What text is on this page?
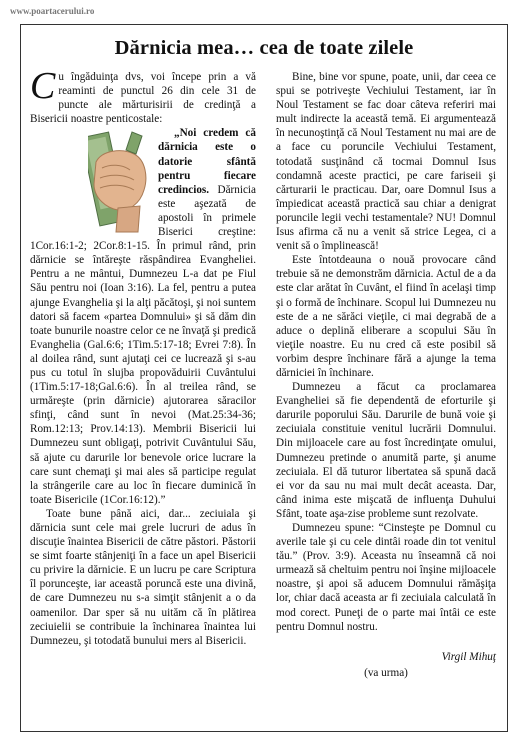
www.poartacerului.ro
Dărnicia mea… cea de toate zilele

Cu îngăduinţa dvs, voi începe prin a vă reaminti de punctul 26 din cele 31 de puncte ale mărturisirii de credinţă a Bisericii noastre penticostale:

„Noi credem că dărnicia este o datorie sfântă pentru fiecare credincios. Dărnicia este aşezată de apostoli în primele Biserici creştine: 1Cor.16:1-2; 2Cor.8:1-15. În primul rând, prin dărnicie se întăreşte răspândirea Evangheliei. Pentru a ne mântui, Dumnezeu L-a dat pe Fiul Său pentru noi (Ioan 3:16). La fel, pentru a putea ajunge Evanghelia şi la alţi păcătoşi, şi noi suntem datori să facem «partea Domnului» şi să dăm din toate bunurile noastre celor ce ne învaţă şi predică Evanghelia (Gal.6:6; 1Tim.5:17-18; Evrei 7:8). În al doilea rând, sunt ajutaţi cei ce lucrează şi s-au pus cu totul în slujba propovăduirii Cuvântului (1Tim.5:17-18;Gal.6:6). În al treilea rând, se urmăreşte (prin dărnicie) ajutorarea săracilor sfinţi, când sunt în nevoi (Mat.25:34-36; Rom.12:13; Prov.14:13). Membrii Bisericii lui Dumnezeu sunt obligaţi, potrivit Cuvântului Său, să ajute cu darurile lor benevole orice lucrare la care sunt chemaţi şi mai ales să participe regulat la strângerile care au loc în fiecare duminică în toate Bisericile (1Cor.16:12).”

Toate bune până aici, dar... zeciuiala şi dărnicia sunt cele mai grele lucruri de adus în discuţie înaintea Bisericii de către păstori. Păstorii se simt foarte stânjeniţi în a face un apel Bisericii cu privire la dărnicie. E un lucru pe care Scriptura îl porunceşte, iar această poruncă este una divină, de care Dumnezeu nu s-a simţit stânjenit a o da oamenilor. Dar sper să nu uităm că în plătirea zeciuielii se contribuie la închinarea înaintea lui Dumnezeu, şi totodată bunului mers al Bisericii.

Bine, bine vor spune, poate, unii, dar ceea ce spui se potriveşte Vechiului Testament, iar în Noul Testament se fac doar câteva referiri mai mult indirecte la această temă. Ei argumentează în necunoştinţă că Noul Testament nu mai are de a face cu poruncile Vechiului Testament, totodată susţinând că tocmai Domnul Isus condamnă aceste practici, pe care fariseii şi cărturarii le practicau. Dar, oare Domnul Isus a împiedicat această practică sau chiar a denigrat poruncile legii vechi testamentale? NU! Domnul Isus afirma că nu a venit să strice Legea, ci a venit să o împlinească!

Este întotdeauna o nouă provocare când trebuie să ne demonstrăm dărnicia. Actul de a da este clar arătat în Cuvânt, el fiind în acelaşi timp şi o formă de închinare. Scopul lui Dumnezeu nu este de a ne sărăci vieţile, ci mai degrabă de a aduce o deplină eliberare a scopului Său în vieţile noastre. Eu nu cred că este posibil să vorbim despre închinare fără a ajunge la tema dărniciei în închinare.

Dumnezeu a făcut ca proclamarea Evangheliei să fie dependentă de eforturile şi darurile poporului Său. Darurile de bună voie şi zeciuiala constituie venitul lucrării Domnului. Din mijloacele care au fost încredinţate omului, Dumnezeu pretinde o anumită parte, şi anume zeciuiala. El dă tuturor libertatea să spună dacă ei vor da sau nu mai mult decât aceasta. Dar, când inima este mişcată de influenţa Duhului Sfânt, toate aşa-zise probleme sunt rezolvate.

Dumnezeu spune: “Cinsteşte pe Domnul cu averile tale şi cu cele dintâi roade din tot venitul tău.” (Prov. 3:9). Aceasta nu înseamnă că noi urmează să cheltuim pentru noi înşine mijloacele noastre, şi apoi să aducem Domnului rămăşiţa lor, chiar dacă aceasta ar fi zeciuiala calculată în mod corect. Puneţi de o parte mai întâi ce este pentru Domnul nostru.

Virgil Mihuţ
(va urma)
